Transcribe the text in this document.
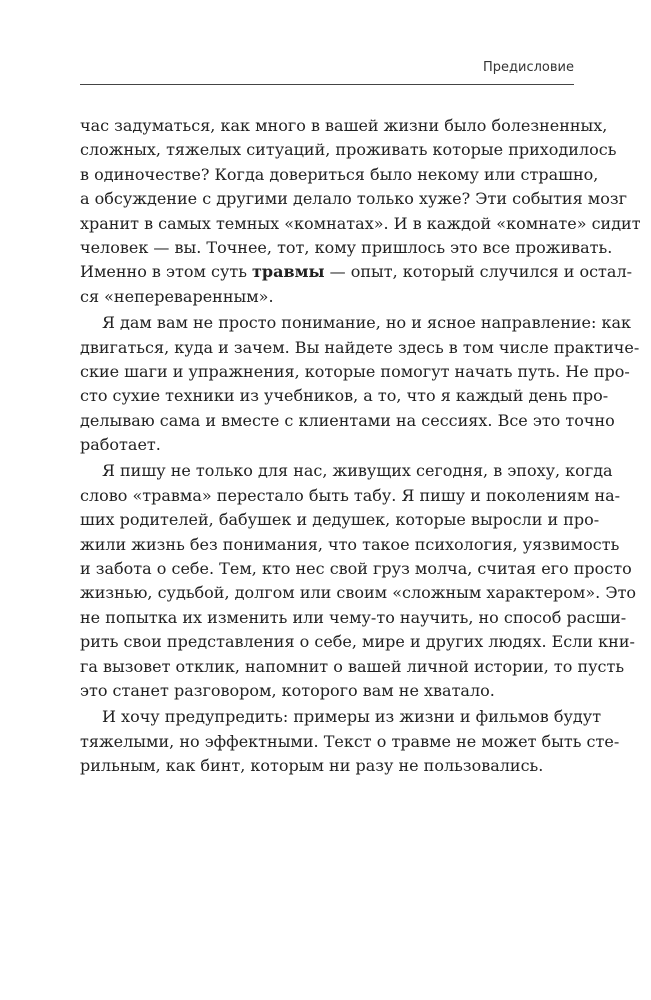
Предисловие
час задуматься, как много в вашей жизни было болезненных,
сложных, тяжелых ситуаций, проживать которые приходилось
в одиночестве? Когда довериться было некому или страшно,
а обсуждение с другими делало только хуже? Эти события мозг
хранит в самых темных «комнатах». И в каждой «комнате» сидит
человек — вы. Точнее, тот, кому пришлось это все проживать.
Именно в этом суть травмы — опыт, который случился и остал-
ся «непереваренным».
Я дам вам не просто понимание, но и ясное направление: как
двигаться, куда и зачем. Вы найдете здесь в том числе практиче-
ские шаги и упражнения, которые помогут начать путь. Не про-
сто сухие техники из учебников, а то, что я каждый день про-
делываю сама и вместе с клиентами на сессиях. Все это точно
работает.
Я пишу не только для нас, живущих сегодня, в эпоху, когда
слово «травма» перестало быть табу. Я пишу и поколениям на-
ших родителей, бабушек и дедушек, которые выросли и про-
жили жизнь без понимания, что такое психология, уязвимость
и забота о себе. Тем, кто нес свой груз молча, считая его просто
жизнью, судьбой, долгом или своим «сложным характером». Это
не попытка их изменить или чему-то научить, но способ расши-
рить свои представления о себе, мире и других людях. Если кни-
га вызовет отклик, напомнит о вашей личной истории, то пусть
это станет разговором, которого вам не хватало.
И хочу предупредить: примеры из жизни и фильмов будут
тяжелыми, но эффектными. Текст о травме не может быть сте-
рильным, как бинт, которым ни разу не пользовались.
